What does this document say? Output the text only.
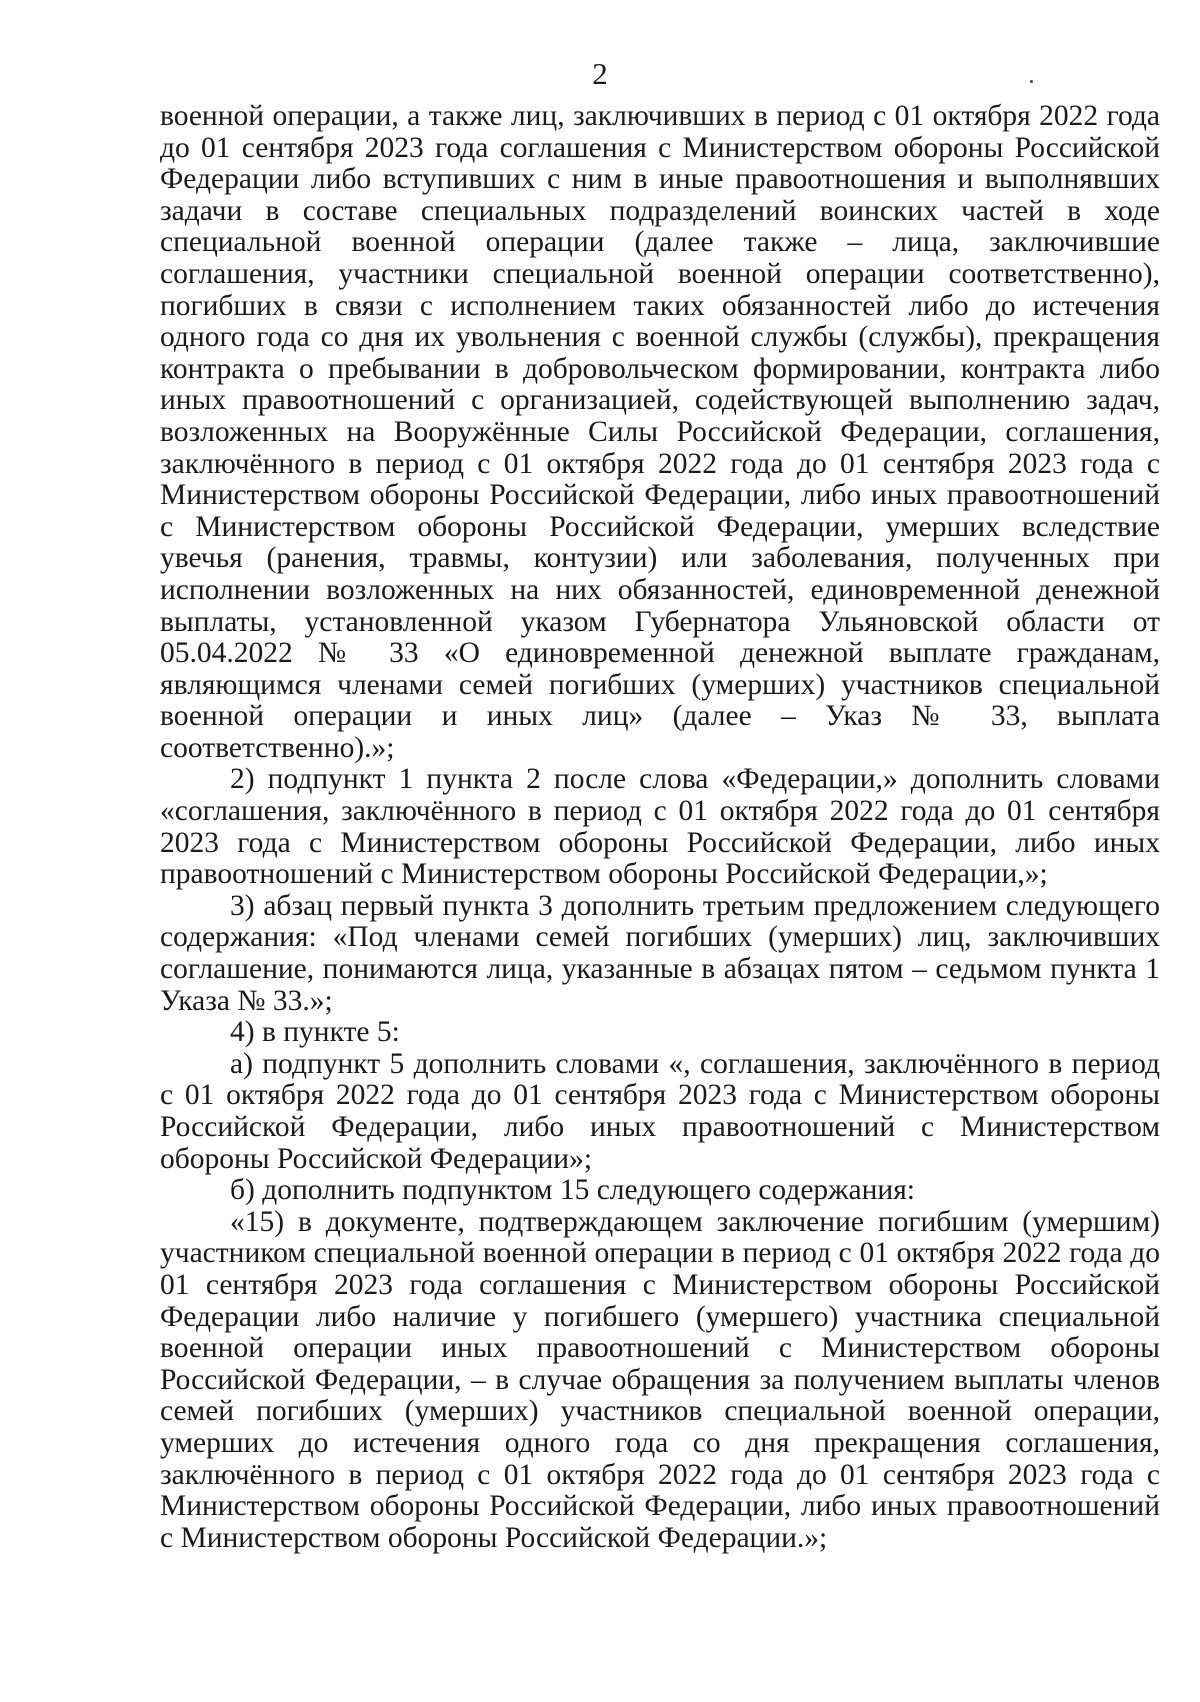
2

военной операции, а также лиц, заключивших в период с 01 октября 2022 года до 01 сентября 2023 года соглашения с Министерством обороны Российской Федерации либо вступивших с ним в иные правоотношения и выполнявших задачи в составе специальных подразделений воинских частей в ходе специальной военной операции (далее также – лица, заключившие соглашения, участники специальной военной операции соответственно), погибших в связи с исполнением таких обязанностей либо до истечения одного года со дня их увольнения с военной службы (службы), прекращения контракта о пребывании в добровольческом формировании, контракта либо иных правоотношений с организацией, содействующей выполнению задач, возложенных на Вооружённые Силы Российской Федерации, соглашения, заключённого в период с 01 октября 2022 года до 01 сентября 2023 года с Министерством обороны Российской Федерации, либо иных правоотношений с Министерством обороны Российской Федерации, умерших вследствие увечья (ранения, травмы, контузии) или заболевания, полученных при исполнении возложенных на них обязанностей, единовременной денежной выплаты, установленной указом Губернатора Ульяновской области от 05.04.2022 № 33 «О единовременной денежной выплате гражданам, являющимся членами семей погибших (умерших) участников специальной военной операции и иных лиц» (далее – Указ № 33, выплата соответственно).»;

2) подпункт 1 пункта 2 после слова «Федерации,» дополнить словами «соглашения, заключённого в период с 01 октября 2022 года до 01 сентября 2023 года с Министерством обороны Российской Федерации, либо иных правоотношений с Министерством обороны Российской Федерации,»;

3) абзац первый пункта 3 дополнить третьим предложением следующего содержания: «Под членами семей погибших (умерших) лиц, заключивших соглашение, понимаются лица, указанные в абзацах пятом – седьмом пункта 1 Указа № 33.»;

4) в пункте 5:

а) подпункт 5 дополнить словами «, соглашения, заключённого в период с 01 октября 2022 года до 01 сентября 2023 года с Министерством обороны Российской Федерации, либо иных правоотношений с Министерством обороны Российской Федерации»;

б) дополнить подпунктом 15 следующего содержания:

«15) в документе, подтверждающем заключение погибшим (умершим) участником специальной военной операции в период с 01 октября 2022 года до 01 сентября 2023 года соглашения с Министерством обороны Российской Федерации либо наличие у погибшего (умершего) участника специальной военной операции иных правоотношений с Министерством обороны Российской Федерации, – в случае обращения за получением выплаты членов семей погибших (умерших) участников специальной военной операции, умерших до истечения одного года со дня прекращения соглашения, заключённого в период с 01 октября 2022 года до 01 сентября 2023 года с Министерством обороны Российской Федерации, либо иных правоотношений с Министерством обороны Российской Федерации.»;
